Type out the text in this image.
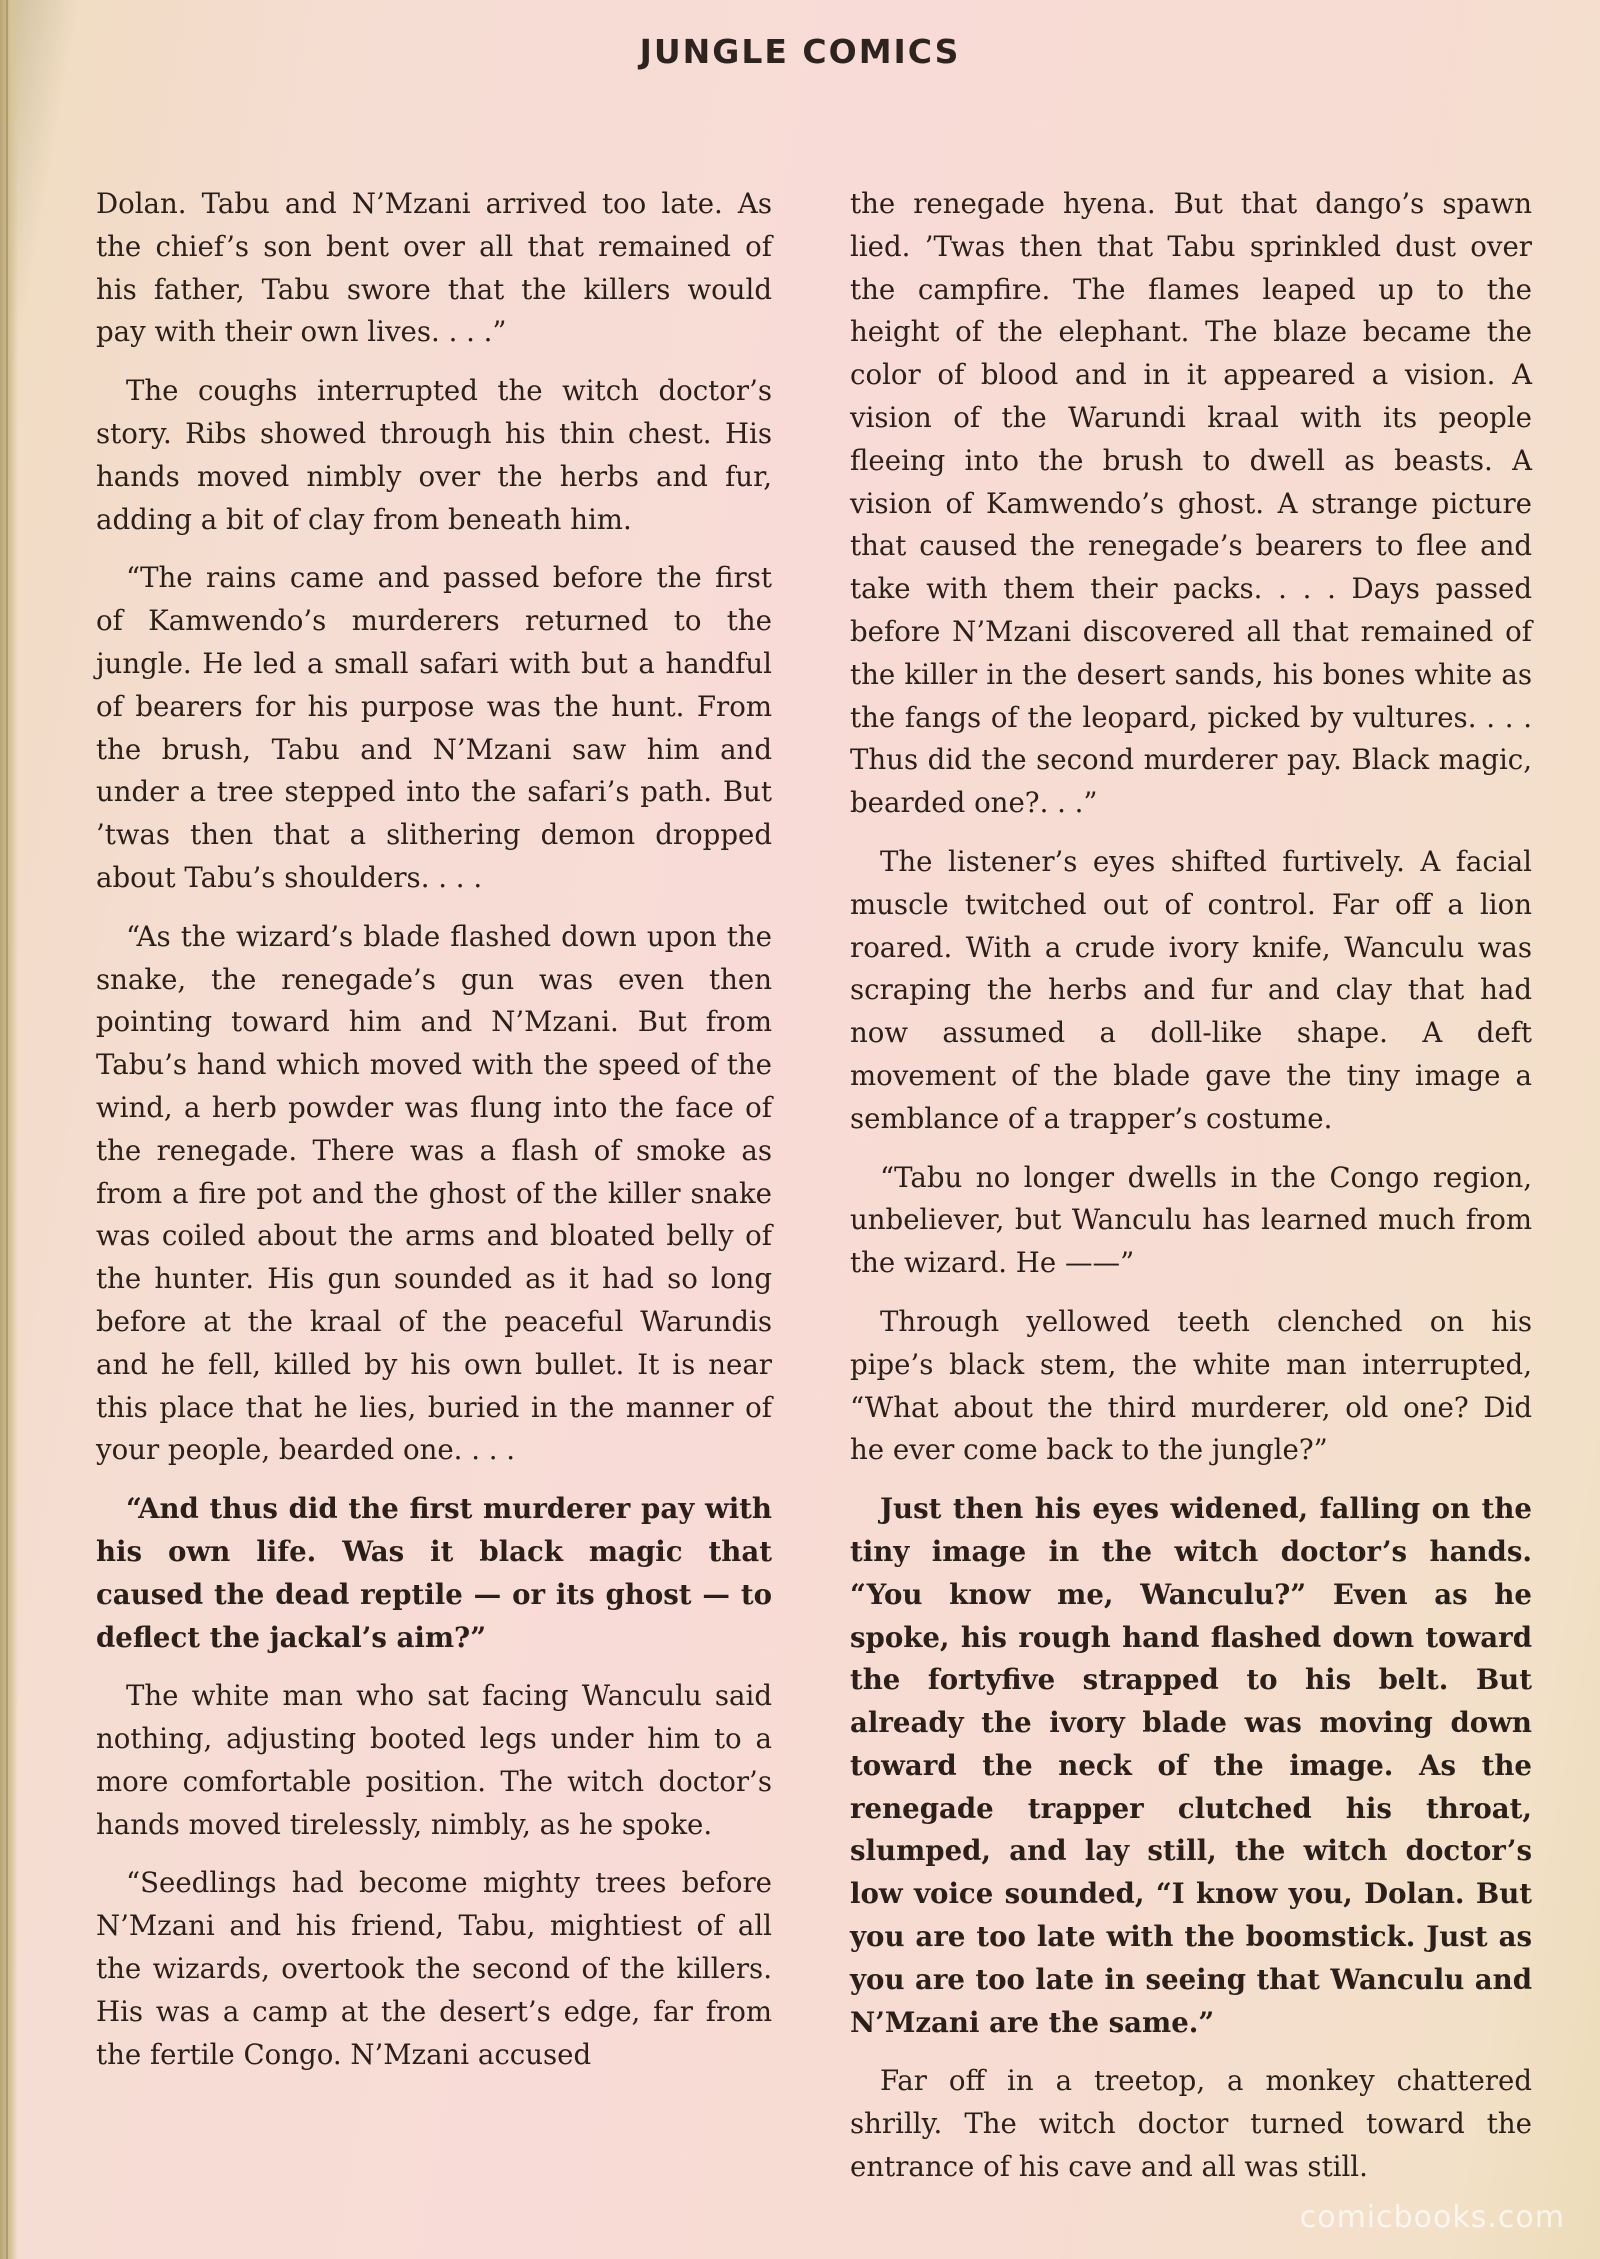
JUNGLE COMICS

Dolan. Tabu and N’Mzani arrived too late. As the chief’s son bent over all that remained of his father, Tabu swore that the killers would pay with their own lives. . . .”

The coughs interrupted the witch doctor’s story. Ribs showed through his thin chest. His hands moved nimbly over the herbs and fur, adding a bit of clay from beneath him.

“The rains came and passed before the first of Kamwendo’s murderers returned to the jungle. He led a small safari with but a handful of bearers for his purpose was the hunt. From the brush, Tabu and N’Mzani saw him and under a tree stepped into the safari’s path. But ’twas then that a slithering demon dropped about Tabu’s shoulders. . . .

“As the wizard’s blade flashed down upon the snake, the renegade’s gun was even then pointing toward him and N’Mzani. But from Tabu’s hand which moved with the speed of the wind, a herb powder was flung into the face of the renegade. There was a flash of smoke as from a fire pot and the ghost of the killer snake was coiled about the arms and bloated belly of the hunter. His gun sounded as it had so long before at the kraal of the peaceful Warundis and he fell, killed by his own bullet. It is near this place that he lies, buried in the manner of your people, bearded one. . . .

“And thus did the first murderer pay with his own life. Was it black magic that caused the dead reptile — or its ghost — to deflect the jackal’s aim?”

The white man who sat facing Wanculu said nothing, adjusting booted legs under him to a more comfortable position. The witch doctor’s hands moved tirelessly, nimbly, as he spoke.

“Seedlings had become mighty trees before N’Mzani and his friend, Tabu, mightiest of all the wizards, overtook the second of the killers. His was a camp at the desert’s edge, far from the fertile Congo. N’Mzani accused

the renegade hyena. But that dango’s spawn lied. ’Twas then that Tabu sprinkled dust over the campfire. The flames leaped up to the height of the elephant. The blaze became the color of blood and in it appeared a vision. A vision of the Warundi kraal with its people fleeing into the brush to dwell as beasts. A vision of Kamwendo’s ghost. A strange picture that caused the renegade’s bearers to flee and take with them their packs. . . . Days passed before N’Mzani discovered all that remained of the killer in the desert sands, his bones white as the fangs of the leopard, picked by vultures. . . . Thus did the second murderer pay. Black magic, bearded one?. . .”

The listener’s eyes shifted furtively. A facial muscle twitched out of control. Far off a lion roared. With a crude ivory knife, Wanculu was scraping the herbs and fur and clay that had now assumed a doll-like shape. A deft movement of the blade gave the tiny image a semblance of a trapper’s costume.

“Tabu no longer dwells in the Congo region, unbeliever, but Wanculu has learned much from the wizard. He ——”

Through yellowed teeth clenched on his pipe’s black stem, the white man interrupted, “What about the third murderer, old one? Did he ever come back to the jungle?”

Just then his eyes widened, falling on the tiny image in the witch doctor’s hands. “You know me, Wanculu?” Even as he spoke, his rough hand flashed down toward the fortyfive strapped to his belt. But already the ivory blade was moving down toward the neck of the image. As the renegade trapper clutched his throat, slumped, and lay still, the witch doctor’s low voice sounded, “I know you, Dolan. But you are too late with the boomstick. Just as you are too late in seeing that Wanculu and N’Mzani are the same.”

Far off in a treetop, a monkey chattered shrilly. The witch doctor turned toward the entrance of his cave and all was still.

comicbooks.com
